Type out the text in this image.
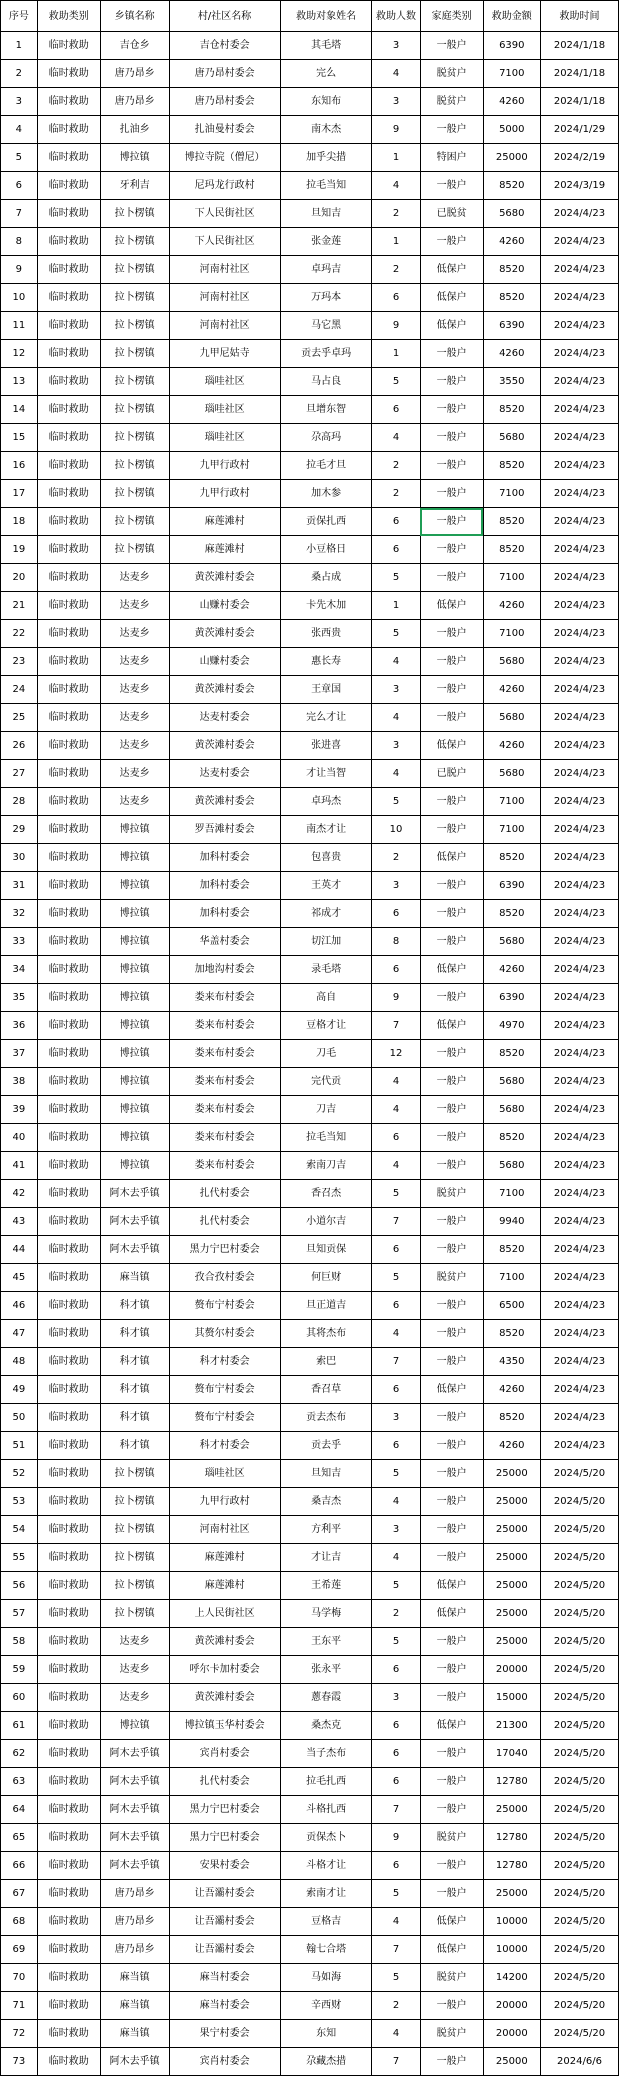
序号	救助类别	乡镇名称	村/社区名称	救助对象姓名	救助人数	家庭类别	救助金额	救助时间
1	临时救助	吉仓乡	吉仓村委会	其毛塔	3	一般户	6390	2024/1/18
2	临时救助	唐乃昂乡	唐乃昂村委会	完么	4	脱贫户	7100	2024/1/18
3	临时救助	唐乃昂乡	唐乃昂村委会	东知布	3	脱贫户	4260	2024/1/18
4	临时救助	扎油乡	扎油曼村委会	南木杰	9	一般户	5000	2024/1/29
5	临时救助	博拉镇	博拉寺院（僧尼）	加乎尖措	1	特困户	25000	2024/2/19
6	临时救助	牙利吉	尼玛龙行政村	拉毛当知	4	一般户	8520	2024/3/19
7	临时救助	拉卜楞镇	下人民街社区	旦知吉	2	已脱贫	5680	2024/4/23
8	临时救助	拉卜楞镇	下人民街社区	张金莲	1	一般户	4260	2024/4/23
9	临时救助	拉卜楞镇	河南村社区	卓玛吉	2	低保户	8520	2024/4/23
10	临时救助	拉卜楞镇	河南村社区	万玛本	6	低保户	8520	2024/4/23
11	临时救助	拉卜楞镇	河南村社区	马它黑	9	低保户	6390	2024/4/23
12	临时救助	拉卜楞镇	九甲尼姑寺	贡去乎卓玛	1	一般户	4260	2024/4/23
13	临时救助	拉卜楞镇	瑙哇社区	马占良	5	一般户	3550	2024/4/23
14	临时救助	拉卜楞镇	瑙哇社区	旦增东智	6	一般户	8520	2024/4/23
15	临时救助	拉卜楞镇	瑙哇社区	尕高玛	4	一般户	5680	2024/4/23
16	临时救助	拉卜楞镇	九甲行政村	拉毛才旦	2	一般户	8520	2024/4/23
17	临时救助	拉卜楞镇	九甲行政村	加木参	2	一般户	7100	2024/4/23
18	临时救助	拉卜楞镇	麻莲滩村	贡保扎西	6	一般户	8520	2024/4/23
19	临时救助	拉卜楞镇	麻莲滩村	小豆格日	6	一般户	8520	2024/4/23
20	临时救助	达麦乡	黄茨滩村委会	桑占成	5	一般户	7100	2024/4/23
21	临时救助	达麦乡	山赚村委会	卡先木加	1	低保户	4260	2024/4/23
22	临时救助	达麦乡	黄茨滩村委会	张西贵	5	一般户	7100	2024/4/23
23	临时救助	达麦乡	山赚村委会	惠长寿	4	一般户	5680	2024/4/23
24	临时救助	达麦乡	黄茨滩村委会	王章国	3	一般户	4260	2024/4/23
25	临时救助	达麦乡	达麦村委会	完么才让	4	一般户	5680	2024/4/23
26	临时救助	达麦乡	黄茨滩村委会	张进喜	3	低保户	4260	2024/4/23
27	临时救助	达麦乡	达麦村委会	才让当智	4	已脱户	5680	2024/4/23
28	临时救助	达麦乡	黄茨滩村委会	卓玛杰	5	一般户	7100	2024/4/23
29	临时救助	博拉镇	罗吾滩村委会	南杰才让	10	一般户	7100	2024/4/23
30	临时救助	博拉镇	加科村委会	包喜贵	2	低保户	8520	2024/4/23
31	临时救助	博拉镇	加科村委会	王英才	3	一般户	6390	2024/4/23
32	临时救助	博拉镇	加科村委会	祁成才	6	一般户	8520	2024/4/23
33	临时救助	博拉镇	华盖村委会	切江加	8	一般户	5680	2024/4/23
34	临时救助	博拉镇	加地沟村委会	录毛塔	6	低保户	4260	2024/4/23
35	临时救助	博拉镇	娄来布村委会	高自	9	一般户	6390	2024/4/23
36	临时救助	博拉镇	娄来布村委会	豆格才让	7	低保户	4970	2024/4/23
37	临时救助	博拉镇	娄来布村委会	刀毛	12	一般户	8520	2024/4/23
38	临时救助	博拉镇	娄来布村委会	完代贡	4	一般户	5680	2024/4/23
39	临时救助	博拉镇	娄来布村委会	刀吉	4	一般户	5680	2024/4/23
40	临时救助	博拉镇	娄来布村委会	拉毛当知	6	一般户	8520	2024/4/23
41	临时救助	博拉镇	娄来布村委会	索南刀吉	4	一般户	5680	2024/4/23
42	临时救助	阿木去乎镇	扎代村委会	香召杰	5	脱贫户	7100	2024/4/23
43	临时救助	阿木去乎镇	扎代村委会	小道尔吉	7	一般户	9940	2024/4/23
44	临时救助	阿木去乎镇	黑力宁巴村委会	旦知贡保	6	一般户	8520	2024/4/23
45	临时救助	麻当镇	孜合孜村委会	何巨财	5	脱贫户	7100	2024/4/23
46	临时救助	科才镇	赘布宁村委会	旦正道吉	6	一般户	6500	2024/4/23
47	临时救助	科才镇	其赘尔村委会	其将杰布	4	一般户	8520	2024/4/23
48	临时救助	科才镇	科才村委会	索巴	7	一般户	4350	2024/4/23
49	临时救助	科才镇	赘布宁村委会	香召草	6	低保户	4260	2024/4/23
50	临时救助	科才镇	赘布宁村委会	贡去杰布	3	一般户	8520	2024/4/23
51	临时救助	科才镇	科才村委会	贡去乎	6	一般户	4260	2024/4/23
52	临时救助	拉卜楞镇	瑙哇社区	旦知吉	5	一般户	25000	2024/5/20
53	临时救助	拉卜楞镇	九甲行政村	桑吉杰	4	一般户	25000	2024/5/20
54	临时救助	拉卜楞镇	河南村社区	方利平	3	一般户	25000	2024/5/20
55	临时救助	拉卜楞镇	麻莲滩村	才让吉	4	一般户	25000	2024/5/20
56	临时救助	拉卜楞镇	麻莲滩村	王希莲	5	低保户	25000	2024/5/20
57	临时救助	拉卜楞镇	上人民街社区	马学梅	2	低保户	25000	2024/5/20
58	临时救助	达麦乡	黄茨滩村委会	王东平	5	一般户	25000	2024/5/20
59	临时救助	达麦乡	呼尔卡加村委会	张永平	6	一般户	20000	2024/5/20
60	临时救助	达麦乡	黄茨滩村委会	蔥春霞	3	一般户	15000	2024/5/20
61	临时救助	博拉镇	博拉镇玉华村委会	桑杰克	6	低保户	21300	2024/5/20
62	临时救助	阿木去乎镇	宾肖村委会	当子杰布	6	一般户	17040	2024/5/20
63	临时救助	阿木去乎镇	扎代村委会	拉毛扎西	6	一般户	12780	2024/5/20
64	临时救助	阿木去乎镇	黑力宁巴村委会	斗格扎西	7	一般户	25000	2024/5/20
65	临时救助	阿木去乎镇	黑力宁巴村委会	贡保杰卜	9	脱贫户	12780	2024/5/20
66	临时救助	阿木去乎镇	安果村委会	斗格才让	6	一般户	12780	2024/5/20
67	临时救助	唐乃昂乡	让吾灞村委会	索南才让	5	一般户	25000	2024/5/20
68	临时救助	唐乃昂乡	让吾灞村委会	豆格吉	4	低保户	10000	2024/5/20
69	临时救助	唐乃昂乡	让吾灞村委会	翰七合塔	7	低保户	10000	2024/5/20
70	临时救助	麻当镇	麻当村委会	马如海	5	脱贫户	14200	2024/5/20
71	临时救助	麻当镇	麻当村委会	辛西财	2	一般户	20000	2024/5/20
72	临时救助	麻当镇	果宁村委会	东知	4	脱贫户	20000	2024/5/20
73	临时救助	阿木去乎镇	宾肖村委会	尕藏杰措	7	一般户	25000	2024/6/6
